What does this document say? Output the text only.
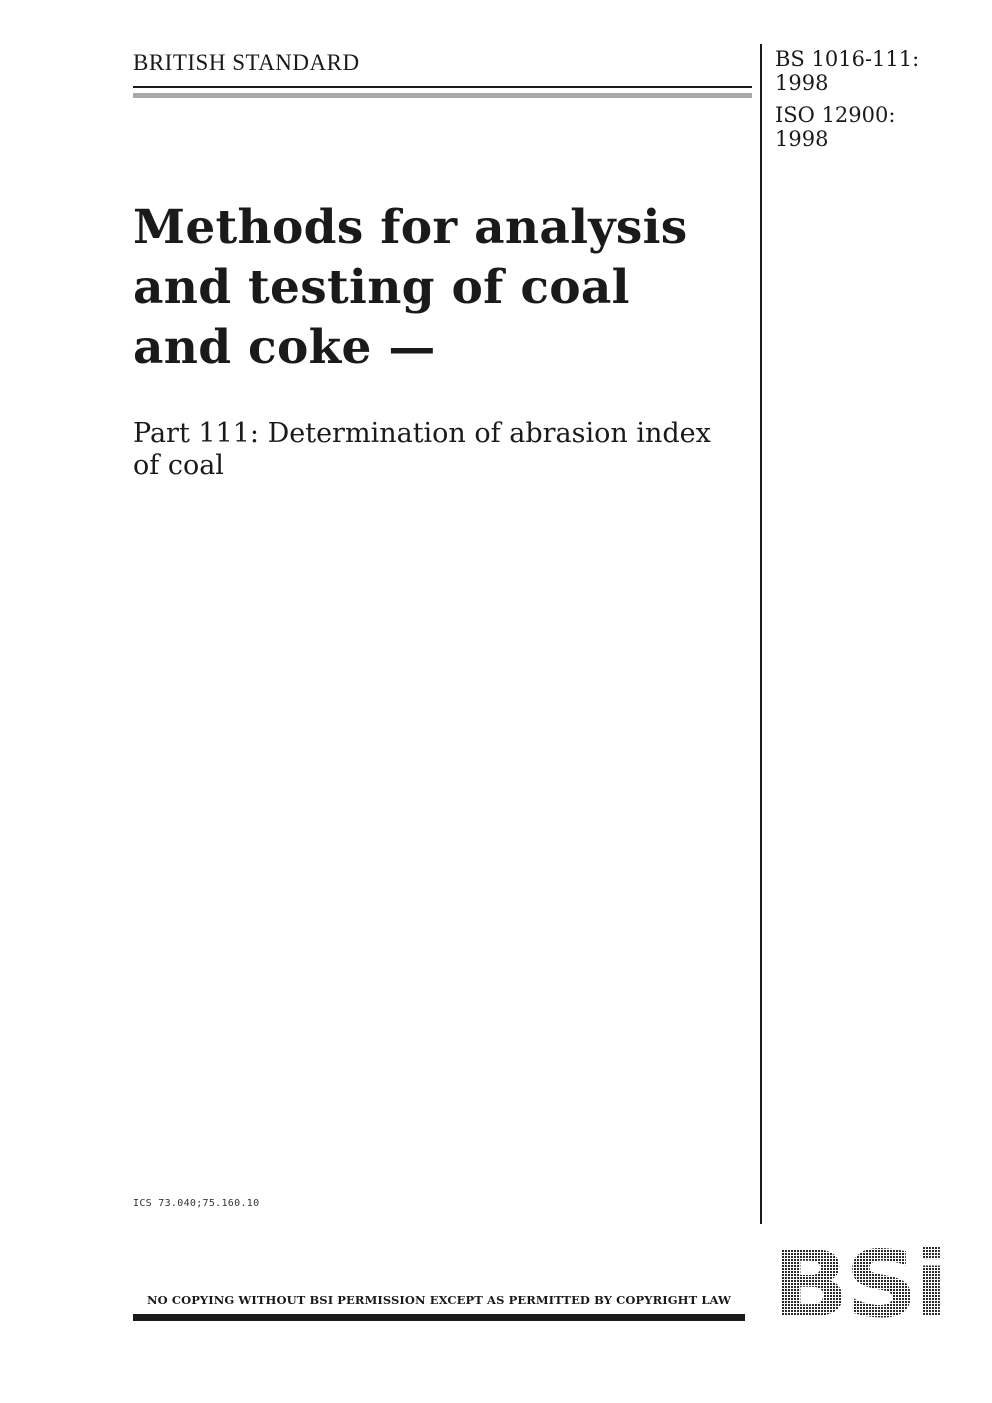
BRITISH STANDARD	BS 1016-111:
1998
ISO 12900:
1998
Methods for analysis and testing of coal and coke —
Part 111: Determination of abrasion index of coal
ICS 73.040;75.160.10
NO COPYING WITHOUT BSI PERMISSION EXCEPT AS PERMITTED BY COPYRIGHT LAW BSi
